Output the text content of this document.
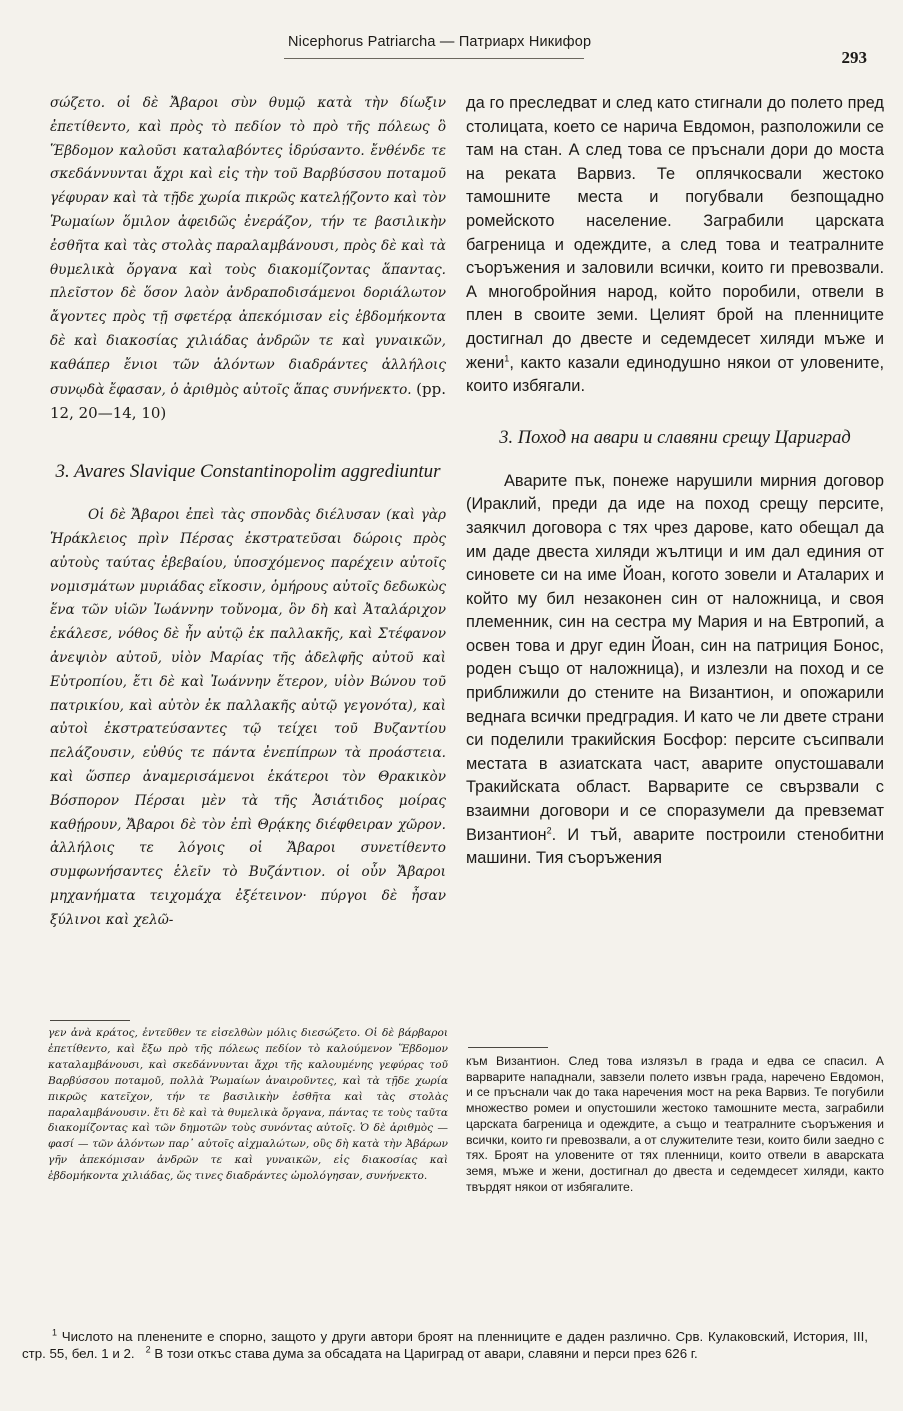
Nicephorus Patriarcha — Патриарх Никифор
293

σώζετο. οἱ δὲ Ἄβαροι σὺν θυμῷ κατὰ τὴν δίωξιν ἐπετίθεντο, καὶ πρὸς τὸ πεδίον τὸ πρὸ τῆς πόλεως ὃ Ἕβδομον καλοῦσι καταλαβόντες ἱδρύσαντο. ἔνθένδε τε σκεδάννυνται ἄχρι καὶ εἰς τὴν τοῦ Βαρβύσσου ποταμοῦ γέφυραν καὶ τὰ τῇδε χωρία πικρῶς κατελῄζοντο καὶ τὸν Ῥωμαίων ὅμιλον ἀφειδῶς ἐνεράζον, τήν τε βασιλικὴν ἐσθῆτα καὶ τὰς στολὰς παραλαμβάνουσι, πρὸς δὲ καὶ τὰ θυμελικὰ ὄργανα καὶ τοὺς διακομίζοντας ἅπαντας. πλεῖστον δὲ ὅσον λαὸν ἀνδραποδισάμενοι δοριάλωτον ἄγοντες πρὸς τῇ σφετέρᾳ ἀπεκόμισαν εἰς ἑβδομήκοντα δὲ καὶ διακοσίας χιλιάδας ἀνδρῶν τε καὶ γυναικῶν, καθάπερ ἔνιοι τῶν ἁλόντων διαδράντες ἀλλήλοις συνῳδὰ ἔφασαν, ὁ ἀριθμὸς αὐτοῖς ἅπας συνήνεκτο. (pp. 12, 20—14, 10)

3. Avares Slavique Constantinopolim aggrediuntur

Οἱ δὲ Ἄβαροι ἐπεὶ τὰς σπονδὰς διέλυσαν (καὶ γὰρ Ἡράκλειος πρὶν Πέρσας ἐκστρατεῦσαι δώροις πρὸς αὐτοὺς ταύτας ἐβεβαίου, ὑποσχόμενος παρέχειν αὐτοῖς νομισμάτων μυριάδας εἴκοσιν, ὁμήρους αὐτοῖς δεδωκὼς ἕνα τῶν υἱῶν Ἰωάννην τοὔνομα, ὃν δὴ καὶ Ἀταλάριχον ἐκάλεσε, νόθος δὲ ἦν αὐτῷ ἐκ παλλακῆς, καὶ Στέφανον ἀνεψιὸν αὐτοῦ, υἱὸν Μαρίας τῆς ἀδελφῆς αὐτοῦ καὶ Εὐτροπίου, ἔτι δὲ καὶ Ἰωάννην ἕτερον, υἱὸν Βώνου τοῦ πατρικίου, καὶ αὐτὸν ἐκ παλλακῆς αὐτῷ γεγονότα), καὶ αὐτοὶ ἐκστρατεύσαντες τῷ τείχει τοῦ Βυζαντίου πελάζουσιν, εὐθύς τε πάντα ἐνεπίπρων τὰ προάστεια. καὶ ὥσπερ ἀναμερισάμενοι ἑκάτεροι τὸν Θρακικὸν Βόσπορον Πέρσαι μὲν τὰ τῆς Ἀσιάτιδος μοίρας καθῄρουν, Ἄβαροι δὲ τὸν ἐπὶ Θρᾴκης διέφθειραν χῶρον. ἀλλήλοις τε λόγοις οἱ Ἄβαροι συνετίθεντο συμφωνήσαντες ἑλεῖν τὸ Βυζάντιον. οἱ οὖν Ἄβαροι μηχανήματα τειχομάχα ἐξέτεινον· πύργοι δὲ ἦσαν ξύλινοι καὶ χελῶ-

γεν ἀνὰ κράτος, ἐντεῦθεν τε εἰσελθὼν μόλις διεσώζετο. Οἱ δὲ βάρβαροι ἐπετίθεντο, καὶ ἔξω πρὸ τῆς πόλεως πεδίον τὸ καλούμενον Ἕβδομον καταλαμβάνουσι, καὶ σκεδάννυνται ἄχρι τῆς καλουμένης γεφύρας τοῦ Βαρβύσσου ποταμοῦ, πολλὰ Ῥωμαίων ἀναιροῦντες, καὶ τὰ τῇδε χωρία πικρῶς κατεῖχον, τήν τε βασιλικὴν ἐσθῆτα καὶ τὰς στολὰς παραλαμβάνουσιν. ἔτι δὲ καὶ τὰ θυμελικὰ ὄργανα, πάντας τε τοὺς ταῦτα διακομίζοντας καὶ τῶν δημοτῶν τοὺς συνόντας αὐτοῖς. Ὁ δὲ ἀριθμὸς — φασί — τῶν ἁλόντων παρ᾽ αὐτοῖς αἰχμαλώτων, οὓς δὴ κατὰ τὴν Ἀβάρων γῆν ἀπεκόμισαν ἀνδρῶν τε καὶ γυναικῶν, εἰς διακοσίας καὶ ἑβδομήκοντα χιλιάδας, ὥς τινες διαδράντες ὡμολόγησαν, συνήνεκτο.

да го преследват и след като стигнали до полето пред столицата, което се нарича Евдомон, разположили се там на стан. А след това се пръснали дори до моста на реката Варвиз. Те оплячкосвали жестоко тамошните места и погубвали безпощадно ромейското население. Заграбили царската багреница и одеждите, а след това и театралните съоръжения и заловили всички, които ги превозвали. А многобройния народ, който поробили, отвели в плен в своите земи. Целият брой на пленниците достигнал до двесте и седемдесет хиляди мъже и жени$^1$, както казали единодушно някои от уловените, които избягали.

3. Поход на авари и славяни срещу Цариград

Аварите пък, понеже нарушили мирния договор (Ираклий, преди да иде на поход срещу персите, заякчил договора с тях чрез дарове, като обещал да им даде двеста хиляди жълтици и им дал единия от синовете си на име Йоан, когото зовели и Аталарих и който му бил незаконен син от наложница, и своя племенник, син на сестра му Мария и на Евтропий, а освен това и друг един Йоан, син на патриция Бонос, роден също от наложница), и излезли на поход и се приближили до стените на Византион, и опожарили веднага всички предградия. И като че ли двете страни си поделили тракийския Босфор: персите съсипвали местата в азиатската част, аварите опустошавали Тракийската област. Варварите се свързвали с взаимни договори и се споразумели да превземат Византион$^2$. И тъй, аварите построили стенобитни машини. Тия съоръжения

към Византион. След това излязъл в града и едва се спасил. А варварите нападнали, завзели полето извън града, наречено Евдомон, и се пръснали чак до така наречения мост на река Варвиз. Те погубили множество ромеи и опустошили жестоко тамошните места, заграбили царската багреница и одеждите, а също и театралните съоръжения и всички, които ги превозвали, а от служителите тези, които били заедно с тях. Броят на уловените от тях пленници, които отвели в аварската земя, мъже и жени, достигнал до двеста и седемдесет хиляди, както твърдят някои от избягалите.

$^1$ Числото на пленените е спорно, защото у други автори броят на пленниците е даден различно. Срв. Кулаковский, История, III, стр. 55, бел. 1 и 2. $^2$ В този откъс става дума за обсадата на Цариград от авари, славяни и перси през 626 г.
